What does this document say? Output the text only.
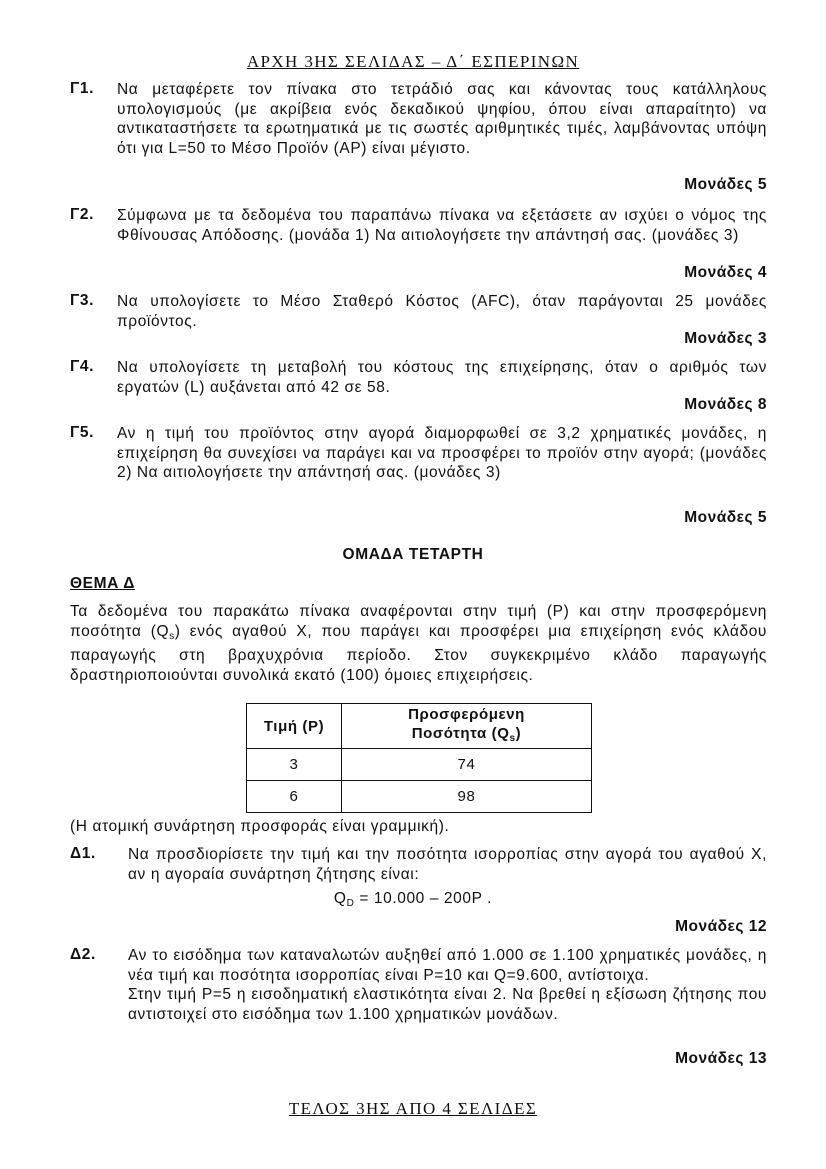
ΑΡΧΗ 3ΗΣ ΣΕΛΙΔΑΣ – Δ΄ ΕΣΠΕΡΙΝΩΝ
Γ1. Να μεταφέρετε τον πίνακα στο τετράδιό σας και κάνοντας τους κατάλληλους υπολογισμούς (με ακρίβεια ενός δεκαδικού ψηφίου, όπου είναι απαραίτητο) να αντικαταστήσετε τα ερωτηματικά με τις σωστές αριθμητικές τιμές, λαμβάνοντας υπόψη ότι για L=50 το Μέσο Προϊόν (AP) είναι μέγιστο.
Μονάδες 5
Γ2. Σύμφωνα με τα δεδομένα του παραπάνω πίνακα να εξετάσετε αν ισχύει ο νόμος της Φθίνουσας Απόδοσης. (μονάδα 1) Να αιτιολογήσετε την απάντησή σας. (μονάδες 3)
Μονάδες 4
Γ3. Να υπολογίσετε το Μέσο Σταθερό Κόστος (AFC), όταν παράγονται 25 μονάδες προϊόντος.
Μονάδες 3
Γ4. Να υπολογίσετε τη μεταβολή του κόστους της επιχείρησης, όταν ο αριθμός των εργατών (L) αυξάνεται από 42 σε 58.
Μονάδες 8
Γ5. Αν η τιμή του προϊόντος στην αγορά διαμορφωθεί σε 3,2 χρηματικές μονάδες, η επιχείρηση θα συνεχίσει να παράγει και να προσφέρει το προϊόν στην αγορά; (μονάδες 2) Να αιτιολογήσετε την απάντησή σας. (μονάδες 3)
Μονάδες 5
ΟΜΑΔΑ ΤΕΤΑΡΤΗ
ΘΕΜΑ Δ
Τα δεδομένα του παρακάτω πίνακα αναφέρονται στην τιμή (P) και στην προσφερόμενη ποσότητα $(Q_s)$ ενός αγαθού Χ, που παράγει και προσφέρει μια επιχείρηση ενός κλάδου παραγωγής στη βραχυχρόνια περίοδο. Στον συγκεκριμένο κλάδο παραγωγής δραστηριοποιούνται συνολικά εκατό (100) όμοιες επιχειρήσεις.
Τιμή (P)	Προσφερόμενη
Ποσότητα $(Q_s)$

3	74
6	98
(Η ατομική συνάρτηση προσφοράς είναι γραμμική).
Δ1. Να προσδιορίσετε την τιμή και την ποσότητα ισορροπίας στην αγορά του αγαθού Χ, αν η αγοραία συνάρτηση ζήτησης είναι:
$Q_D = 10.000 - 200P$ .
Μονάδες 12
Δ2. Αν το εισόδημα των καταναλωτών αυξηθεί από 1.000 σε 1.100 χρηματικές μονάδες, η νέα τιμή και ποσότητα ισορροπίας είναι P=10 και Q=9.600, αντίστοιχα.
Στην τιμή P=5 η εισοδηματική ελαστικότητα είναι 2. Να βρεθεί η εξίσωση ζήτησης που αντιστοιχεί στο εισόδημα των 1.100 χρηματικών μονάδων.
Μονάδες 13
ΤΕΛΟΣ 3ΗΣ ΑΠΟ 4 ΣΕΛΙΔΕΣ
